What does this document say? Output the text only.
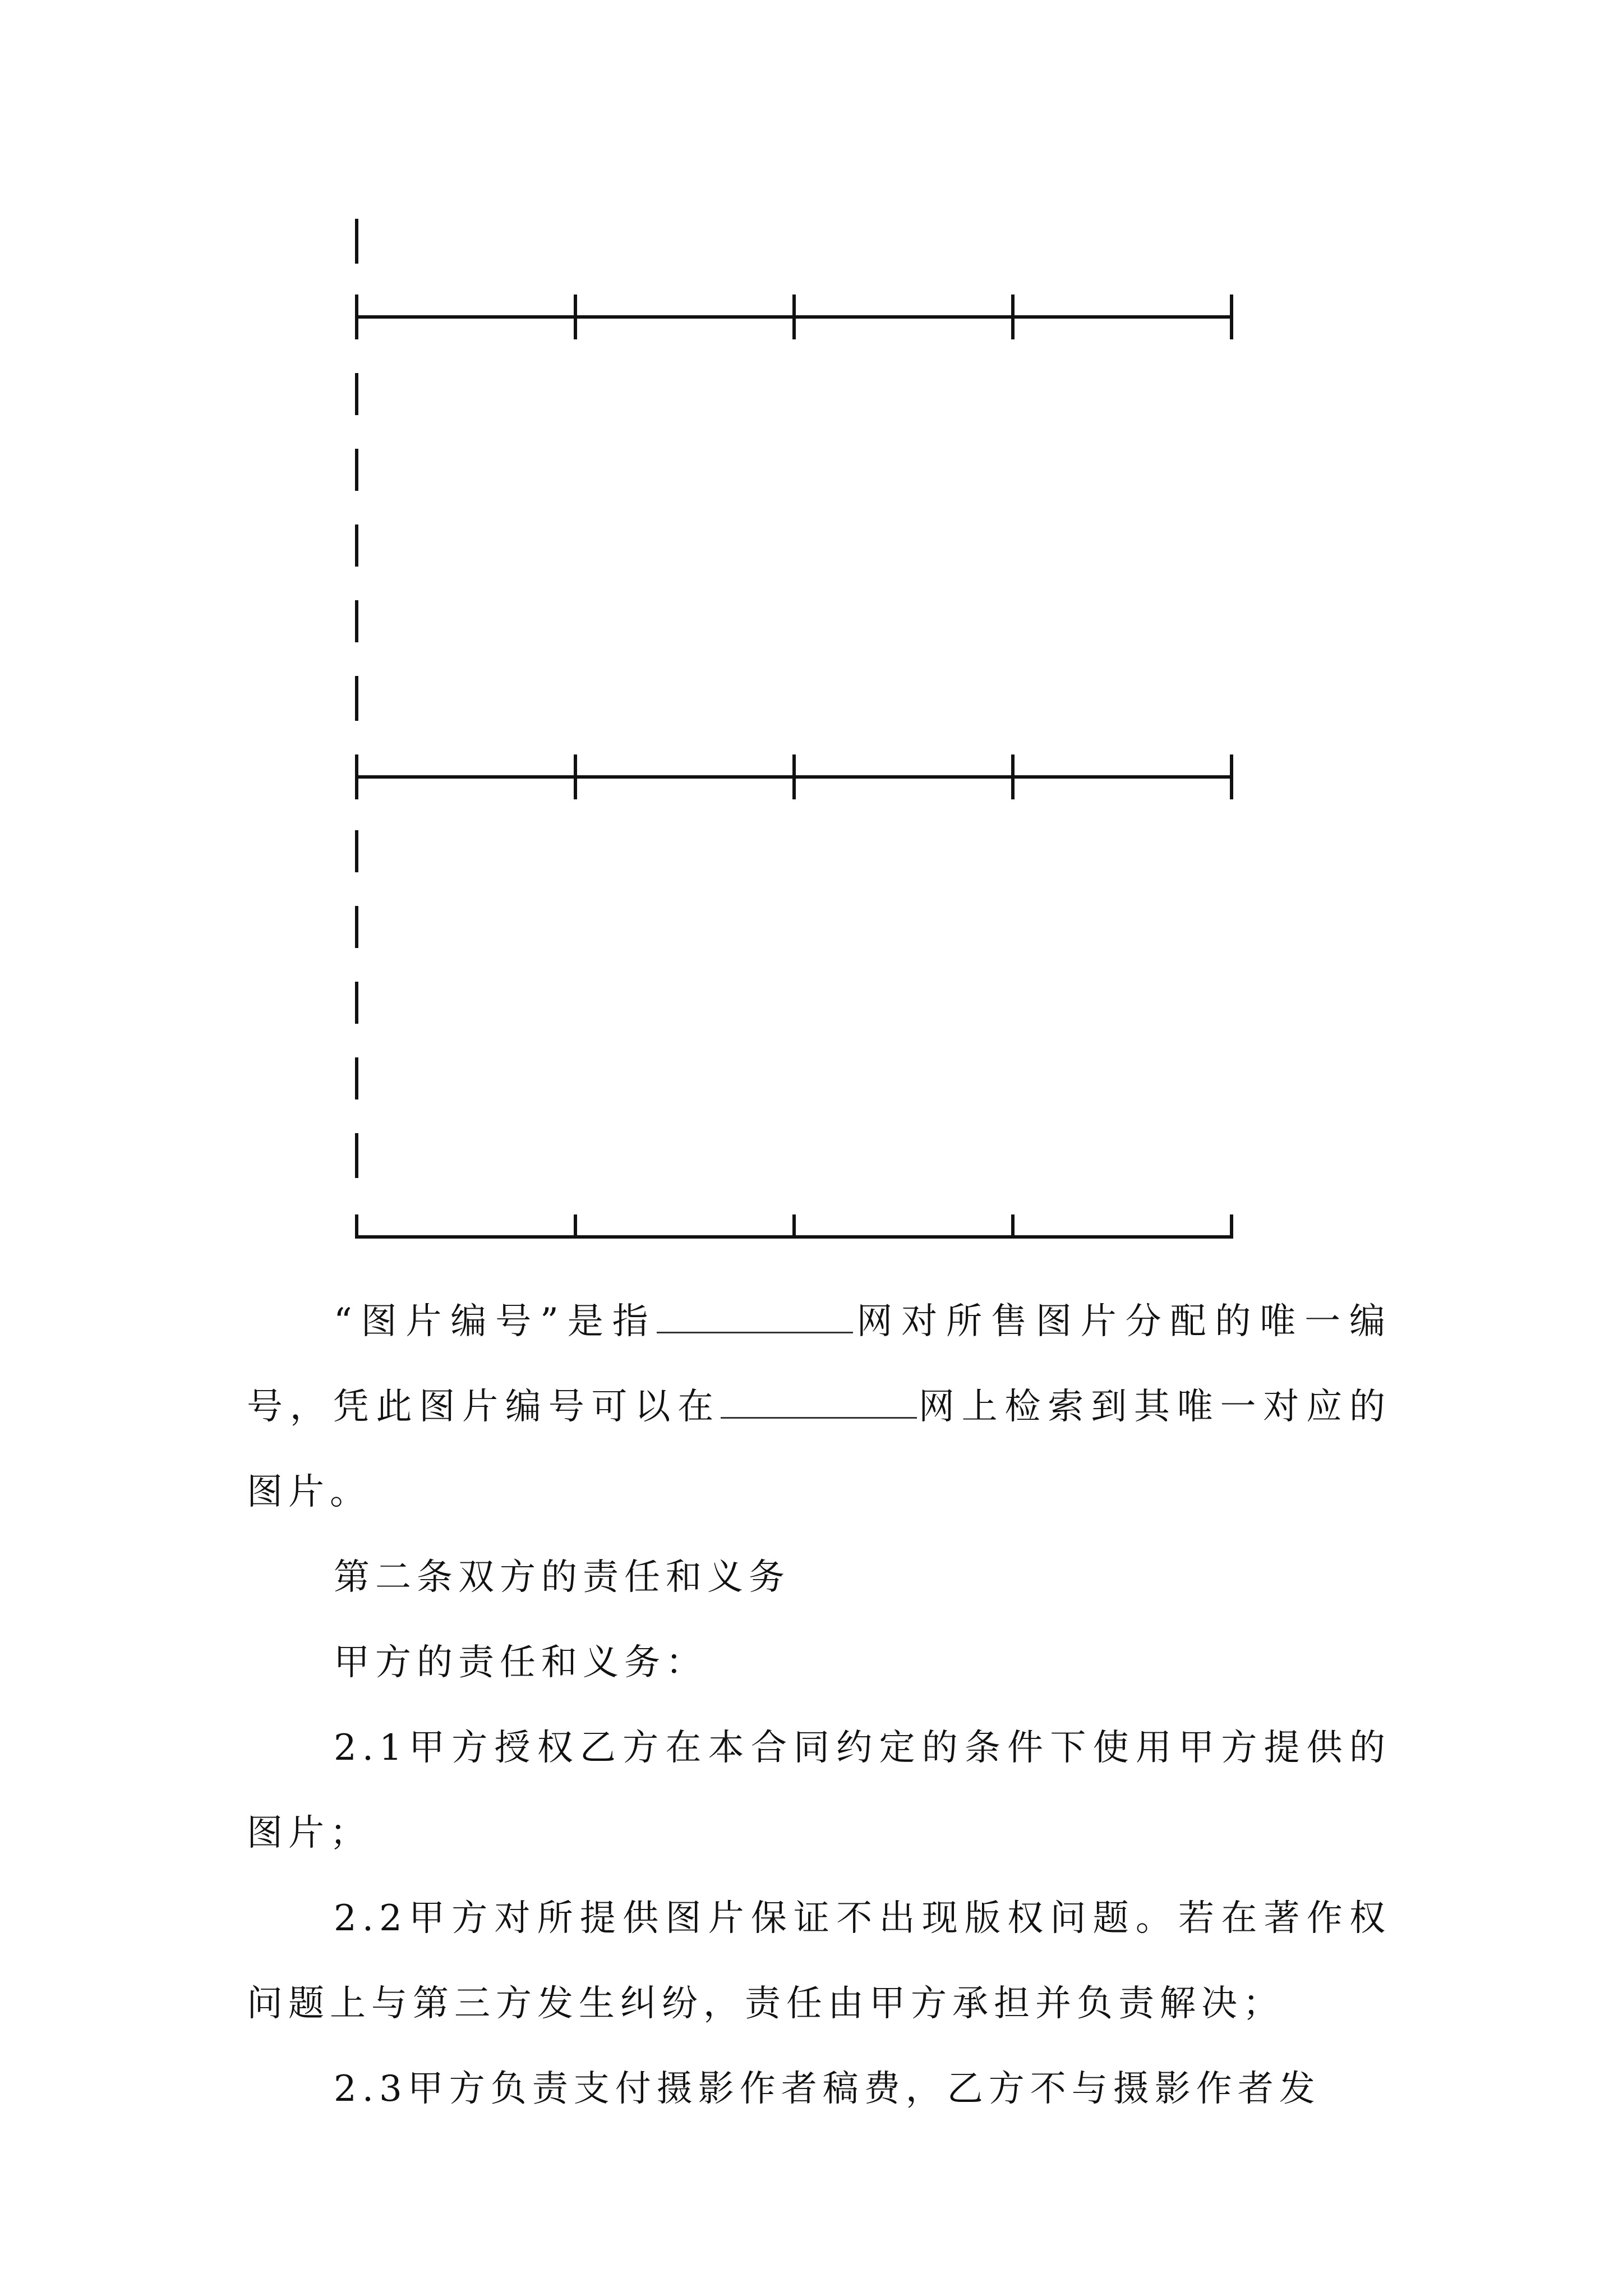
“图片编号”是指	网对所售图片分配的唯一编号，凭此图片编号可以在	网上检索到其唯一对应的图片。

第二条双方的责任和义务

甲方的责任和义务：

2.1甲方授权乙方在本合同约定的条件下使用甲方提供的图片；

2.2甲方对所提供图片保证不出现版权问题。若在著作权问题上与第三方发生纠纷，责任由甲方承担并负责解决；

2.3甲方负责支付摄影作者稿费，乙方不与摄影作者发
